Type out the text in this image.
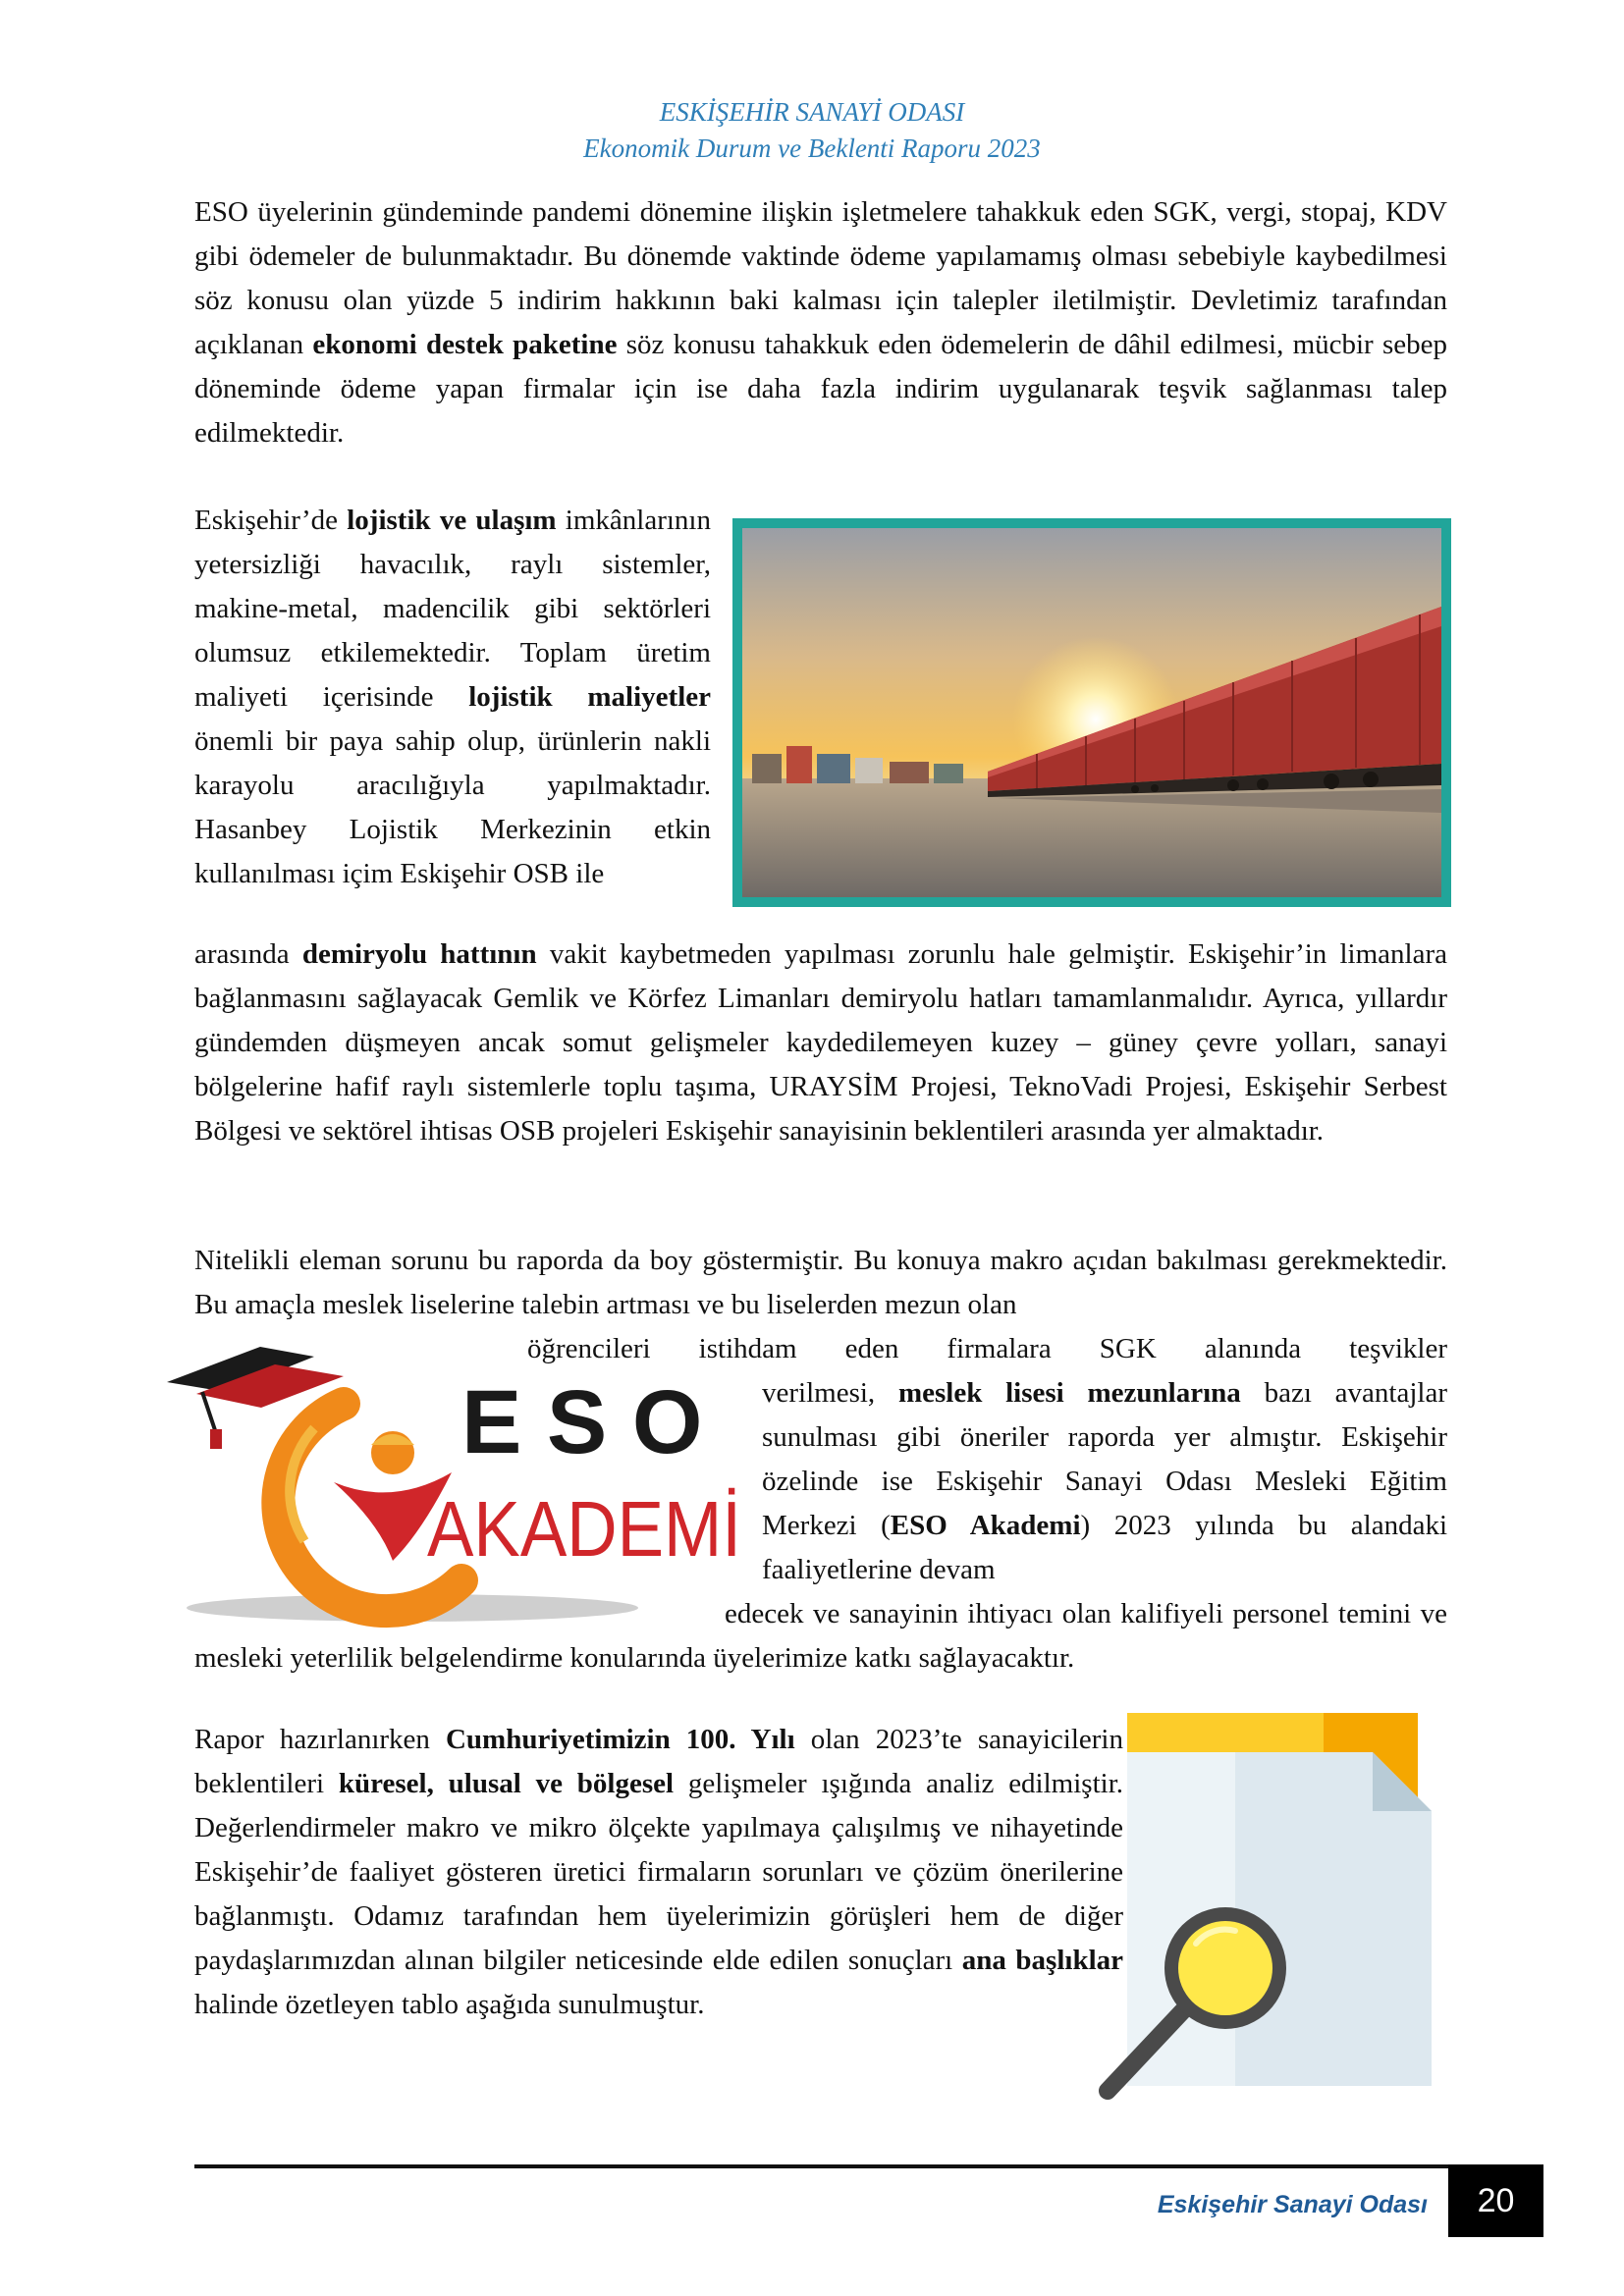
ESKİŞEHİR SANAYİ ODASI
Ekonomik Durum ve Beklenti Raporu 2023

ESO üyelerinin gündeminde pandemi dönemine ilişkin işletmelere tahakkuk eden SGK, vergi, stopaj, KDV gibi ödemeler de bulunmaktadır. Bu dönemde vaktinde ödeme yapılamamış olması sebebiyle kaybedilmesi söz konusu olan yüzde 5 indirim hakkının baki kalması için talepler iletilmiştir. Devletimiz tarafından açıklanan ekonomi destek paketine söz konusu tahakkuk eden ödemelerin de dâhil edilmesi, mücbir sebep döneminde ödeme yapan firmalar için ise daha fazla indirim uygulanarak teşvik sağlanması talep edilmektedir.

Eskişehir’de lojistik ve ulaşım imkânlarının yetersizliği havacılık, raylı sistemler, makine-metal, madencilik gibi sektörleri olumsuz etkilemektedir. Toplam üretim maliyeti içerisinde lojistik maliyetler önemli bir paya sahip olup, ürünlerin nakli karayolu aracılığıyla yapılmaktadır. Hasanbey Lojistik Merkezinin etkin kullanılması içim Eskişehir OSB ile

arasında demiryolu hattının vakit kaybetmeden yapılması zorunlu hale gelmiştir. Eskişehir’in limanlara bağlanmasını sağlayacak Gemlik ve Körfez Limanları demiryolu hatları tamamlanmalıdır. Ayrıca, yıllardır gündemden düşmeyen ancak somut gelişmeler kaydedilemeyen kuzey – güney çevre yolları, sanayi bölgelerine hafif raylı sistemlerle toplu taşıma, URAYSİM Projesi, TeknoVadi Projesi, Eskişehir Serbest Bölgesi ve sektörel ihtisas OSB projeleri Eskişehir sanayisinin beklentileri arasında yer almaktadır.

Nitelikli eleman sorunu bu raporda da boy göstermiştir. Bu konuya makro açıdan bakılması gerekmektedir. Bu amaçla meslek liselerine talebin artması ve bu liselerden mezun olan

öğrencileri istihdam eden firmalara SGK alanında teşvikler

verilmesi, meslek lisesi mezunlarına bazı avantajlar sunulması gibi öneriler raporda yer almıştır. Eskişehir özelinde ise Eskişehir Sanayi Odası Mesleki Eğitim Merkezi (ESO Akademi) 2023 yılında bu alandaki faaliyetlerine devam

edecek ve sanayinin ihtiyacı olan kalifiyeli personel temini ve mesleki yeterlilik belgelendirme konularında üyelerimize katkı sağlayacaktır.

E S O
AKADEMİ

Rapor hazırlanırken Cumhuriyetimizin 100. Yılı olan 2023’te sanayicilerin beklentileri küresel, ulusal ve bölgesel gelişmeler ışığında analiz edilmiştir. Değerlendirmeler makro ve mikro ölçekte yapılmaya çalışılmış ve nihayetinde Eskişehir’de faaliyet gösteren üretici firmaların sorunları ve çözüm önerilerine bağlanmıştı. Odamız tarafından hem üyelerimizin görüşleri hem de diğer paydaşlarımızdan alınan bilgiler neticesinde elde edilen sonuçları ana başlıklar halinde özetleyen tablo aşağıda sunulmuştur.

Eskişehir Sanayi Odası	20
